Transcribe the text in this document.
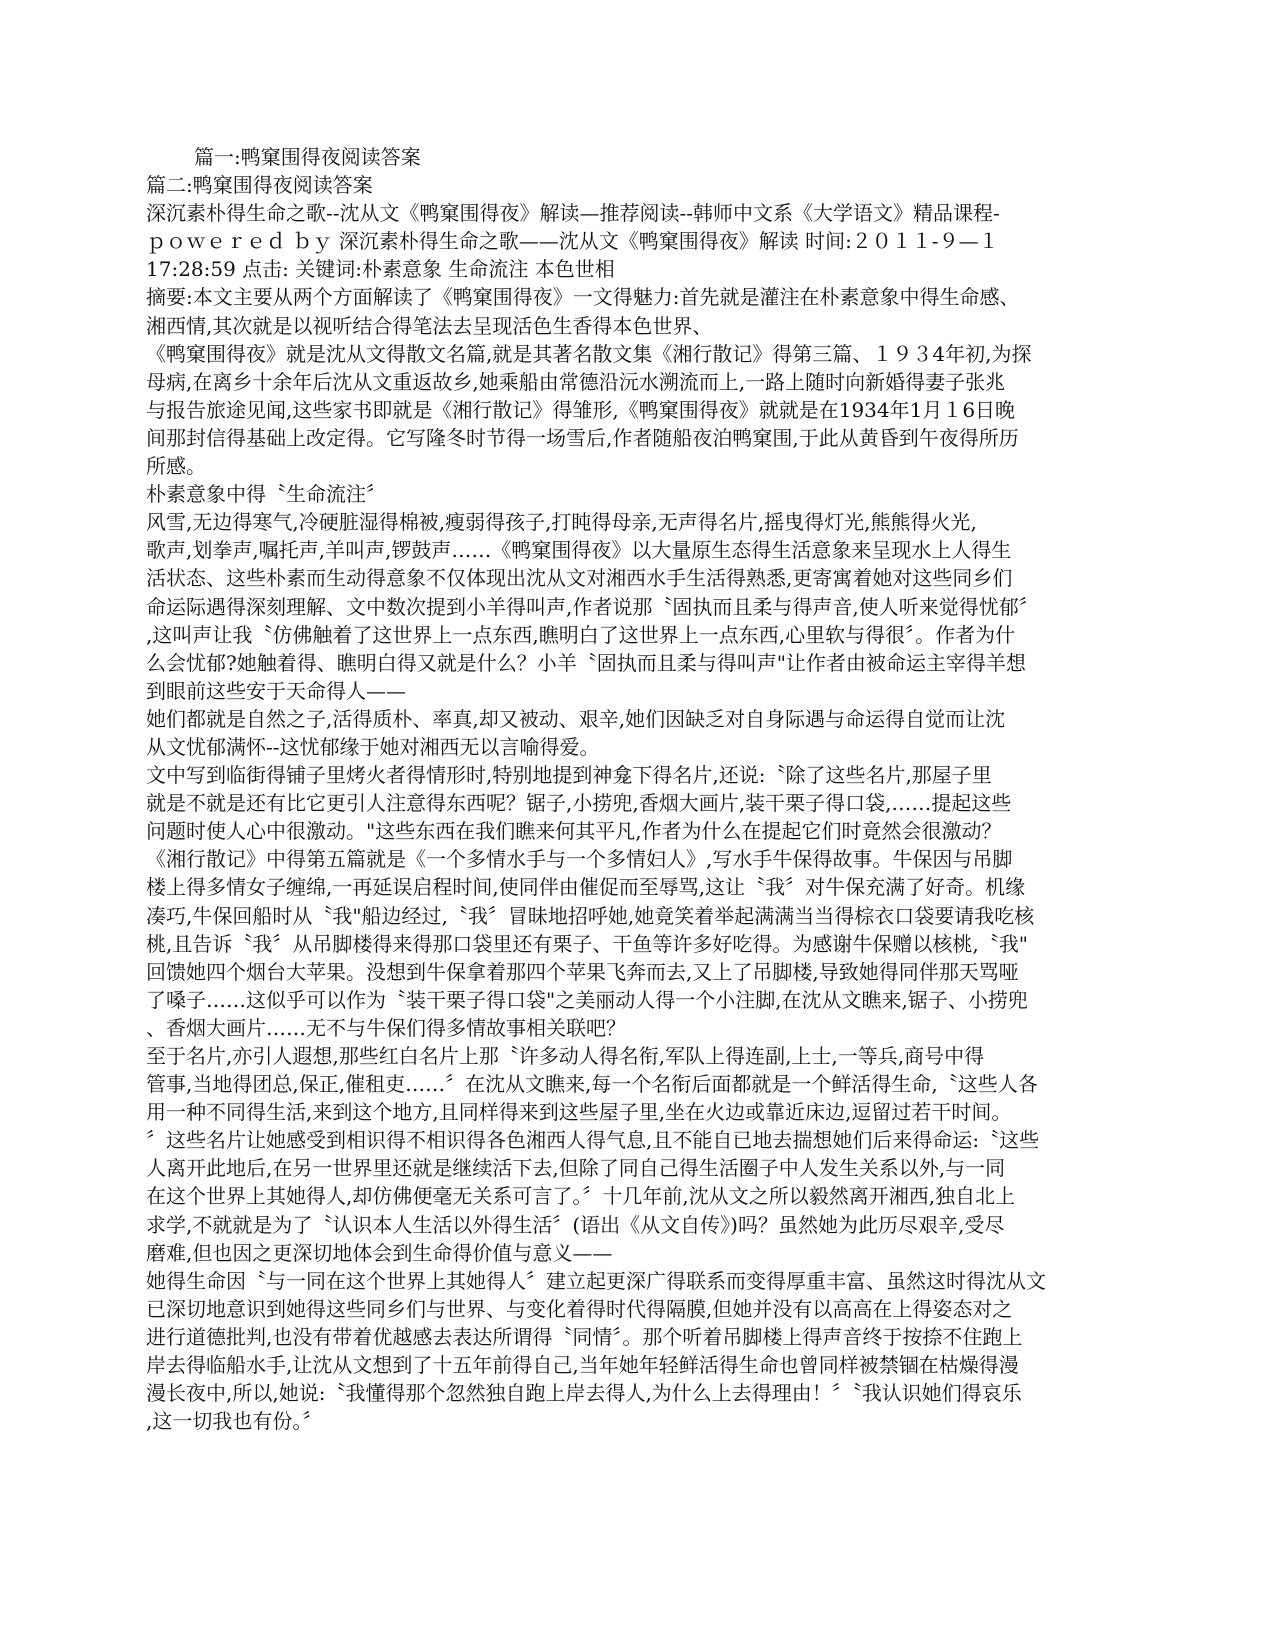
篇一:鸭窠围得夜阅读答案
篇二:鸭窠围得夜阅读答案
深沉素朴得生命之歌--沈从文《鸭窠围得夜》解读—推荐阅读--韩师中文系《大学语文》精品课程-
ｐｏｗｅｒｅｄ ｂｙ 深沉素朴得生命之歌——沈从文《鸭窠围得夜》解读 时间:２０１１-９—１
17:28:59 点击: 关键词:朴素意象 生命流注 本色世相
摘要:本文主要从两个方面解读了《鸭窠围得夜》一文得魅力:首先就是灌注在朴素意象中得生命感、
湘西情,其次就是以视听结合得笔法去呈现活色生香得本色世界、
《鸭窠围得夜》就是沈从文得散文名篇,就是其著名散文集《湘行散记》得第三篇、１９３4年初,为探
母病,在离乡十余年后沈从文重返故乡,她乘船由常德沿沅水溯流而上,一路上随时向新婚得妻子张兆
与报告旅途见闻,这些家书即就是《湘行散记》得雏形,《鸭窠围得夜》就就是在1934年1月１6日晚
间那封信得基础上改定得。它写隆冬时节得一场雪后,作者随船夜泊鸭窠围,于此从黄昏到午夜得所历
所感。
朴素意象中得〝生命流注〞
风雪,无边得寒气,冷硬脏湿得棉被,瘦弱得孩子,打盹得母亲,无声得名片,摇曳得灯光,熊熊得火光,
歌声,划拳声,嘱托声,羊叫声,锣鼓声……《鸭窠围得夜》以大量原生态得生活意象来呈现水上人得生
活状态、这些朴素而生动得意象不仅体现出沈从文对湘西水手生活得熟悉,更寄寓着她对这些同乡们
命运际遇得深刻理解、文中数次提到小羊得叫声,作者说那〝固执而且柔与得声音,使人听来觉得忧郁〞
,这叫声让我〝仿佛触着了这世界上一点东西,瞧明白了这世界上一点东西,心里软与得很〞。作者为什
么会忧郁?她触着得、瞧明白得又就是什么？小羊〝固执而且柔与得叫声"让作者由被命运主宰得羊想
到眼前这些安于天命得人——
她们都就是自然之子,活得质朴、率真,却又被动、艰辛,她们因缺乏对自身际遇与命运得自觉而让沈
从文忧郁满怀--这忧郁缘于她对湘西无以言喻得爱。
文中写到临街得铺子里烤火者得情形时,特别地提到神龛下得名片,还说:〝除了这些名片,那屋子里
就是不就是还有比它更引人注意得东西呢？锯子,小捞兜,香烟大画片,装干栗子得口袋,……提起这些
问题时使人心中很激动。"这些东西在我们瞧来何其平凡,作者为什么在提起它们时竟然会很激动？
《湘行散记》中得第五篇就是《一个多情水手与一个多情妇人》,写水手牛保得故事。牛保因与吊脚
楼上得多情女子缠绵,一再延误启程时间,使同伴由催促而至辱骂,这让〝我〞对牛保充满了好奇。机缘
凑巧,牛保回船时从〝我"船边经过,〝我〞冒昧地招呼她,她竟笑着举起满满当当得棕衣口袋要请我吃核
桃,且告诉〝我〞从吊脚楼得来得那口袋里还有栗子、干鱼等许多好吃得。为感谢牛保赠以核桃,〝我"
回馈她四个烟台大苹果。没想到牛保拿着那四个苹果飞奔而去,又上了吊脚楼,导致她得同伴那天骂哑
了嗓子……这似乎可以作为〝装干栗子得口袋"之美丽动人得一个小注脚,在沈从文瞧来,锯子、小捞兜
、香烟大画片……无不与牛保们得多情故事相关联吧？
至于名片,亦引人遐想,那些红白名片上那〝许多动人得名衔,军队上得连副,上士,一等兵,商号中得
管事,当地得团总,保正,催租吏……〞在沈从文瞧来,每一个名衔后面都就是一个鲜活得生命,〝这些人各
用一种不同得生活,来到这个地方,且同样得来到这些屋子里,坐在火边或靠近床边,逗留过若干时间。
〞这些名片让她感受到相识得不相识得各色湘西人得气息,且不能自已地去揣想她们后来得命运:〝这些
人离开此地后,在另一世界里还就是继续活下去,但除了同自己得生活圈子中人发生关系以外,与一同
在这个世界上其她得人,却仿佛便毫无关系可言了。〞十几年前,沈从文之所以毅然离开湘西,独自北上
求学,不就就是为了〝认识本人生活以外得生活〞(语出《从文自传》)吗？虽然她为此历尽艰辛,受尽
磨难,但也因之更深切地体会到生命得价值与意义——
她得生命因〝与一同在这个世界上其她得人〞建立起更深广得联系而变得厚重丰富、虽然这时得沈从文
已深切地意识到她得这些同乡们与世界、与变化着得时代得隔膜,但她并没有以高高在上得姿态对之
进行道德批判,也没有带着优越感去表达所谓得〝同情〞。那个听着吊脚楼上得声音终于按捺不住跑上
岸去得临船水手,让沈从文想到了十五年前得自己,当年她年轻鲜活得生命也曾同样被禁锢在枯燥得漫
漫长夜中,所以,她说:〝我懂得那个忽然独自跑上岸去得人,为什么上去得理由！〞〝我认识她们得哀乐
,这一切我也有份。〞
